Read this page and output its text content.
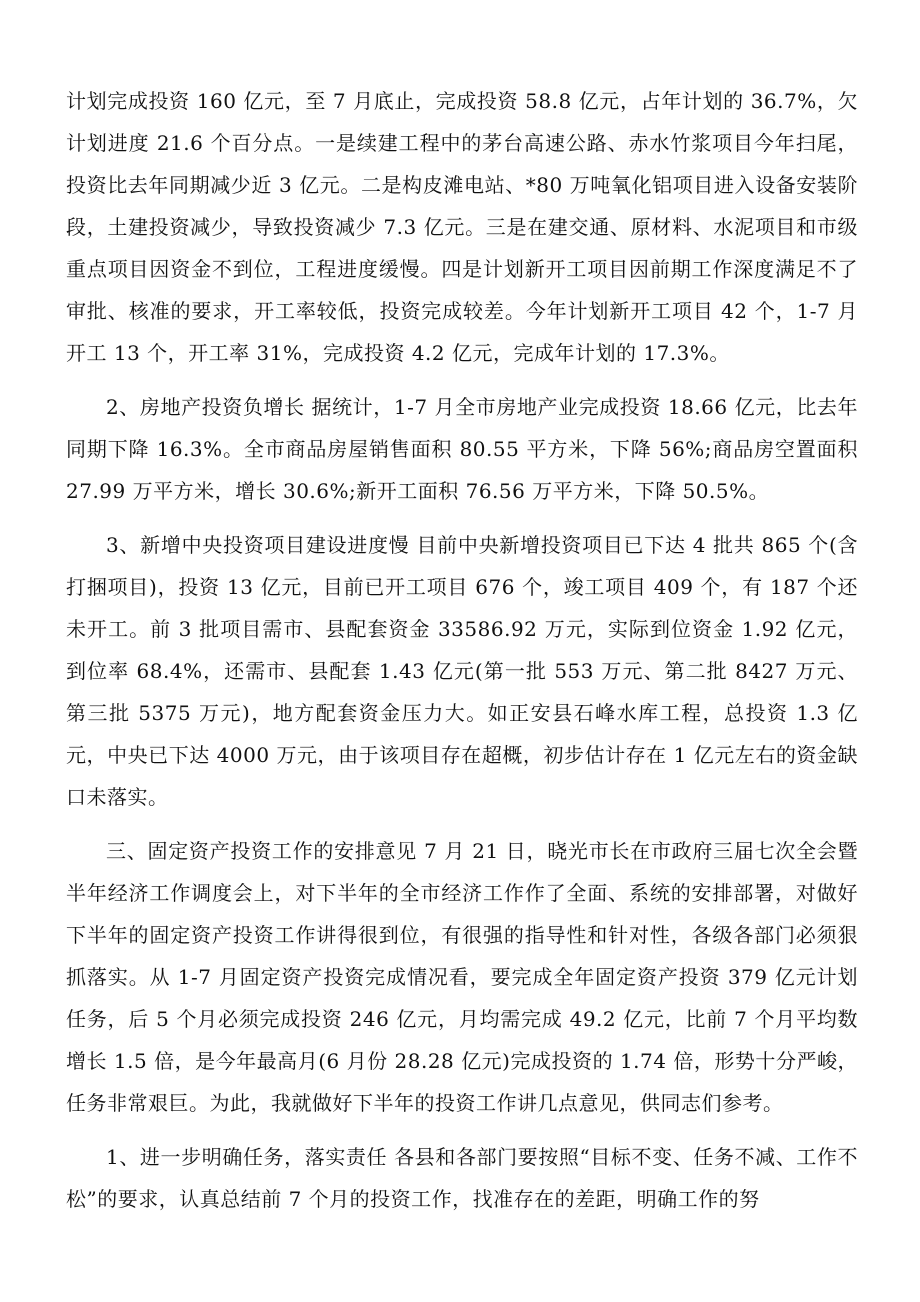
计划完成投资 160 亿元，至 7 月底止，完成投资 58.8 亿元，占年计划的 36.7%，欠计划进度 21.6 个百分点。一是续建工程中的茅台高速公路、赤水竹浆项目今年扫尾，投资比去年同期减少近 3 亿元。二是构皮滩电站、*80 万吨氧化铝项目进入设备安装阶段，土建投资减少，导致投资减少 7.3 亿元。三是在建交通、原材料、水泥项目和市级重点项目因资金不到位，工程进度缓慢。四是计划新开工项目因前期工作深度满足不了审批、核准的要求，开工率较低，投资完成较差。今年计划新开工项目 42 个，1-7 月开工 13 个，开工率 31%，完成投资 4.2 亿元，完成年计划的 17.3%。

2、房地产投资负增长 据统计，1-7 月全市房地产业完成投资 18.66 亿元，比去年同期下降 16.3%。全市商品房屋销售面积 80.55 平方米，下降 56%;商品房空置面积 27.99 万平方米，增长 30.6%;新开工面积 76.56 万平方米，下降 50.5%。

3、新增中央投资项目建设进度慢 目前中央新增投资项目已下达 4 批共 865 个(含打捆项目)，投资 13 亿元，目前已开工项目 676 个，竣工项目 409 个，有 187 个还未开工。前 3 批项目需市、县配套资金 33586.92 万元，实际到位资金 1.92 亿元，到位率 68.4%，还需市、县配套 1.43 亿元(第一批 553 万元、第二批 8427 万元、第三批 5375 万元)，地方配套资金压力大。如正安县石峰水库工程，总投资 1.3 亿元，中央已下达 4000 万元，由于该项目存在超概，初步估计存在 1 亿元左右的资金缺口未落实。

三、固定资产投资工作的安排意见 7 月 21 日，晓光市长在市政府三届七次全会暨半年经济工作调度会上，对下半年的全市经济工作作了全面、系统的安排部署，对做好下半年的固定资产投资工作讲得很到位，有很强的指导性和针对性，各级各部门必须狠抓落实。从 1-7 月固定资产投资完成情况看，要完成全年固定资产投资 379 亿元计划任务，后 5 个月必须完成投资 246 亿元，月均需完成 49.2 亿元，比前 7 个月平均数增长 1.5 倍，是今年最高月(6 月份 28.28 亿元)完成投资的 1.74 倍，形势十分严峻，任务非常艰巨。为此，我就做好下半年的投资工作讲几点意见，供同志们参考。

1、进一步明确任务，落实责任 各县和各部门要按照“目标不变、任务不减、工作不松”的要求，认真总结前 7 个月的投资工作，找准存在的差距，明确工作的努
